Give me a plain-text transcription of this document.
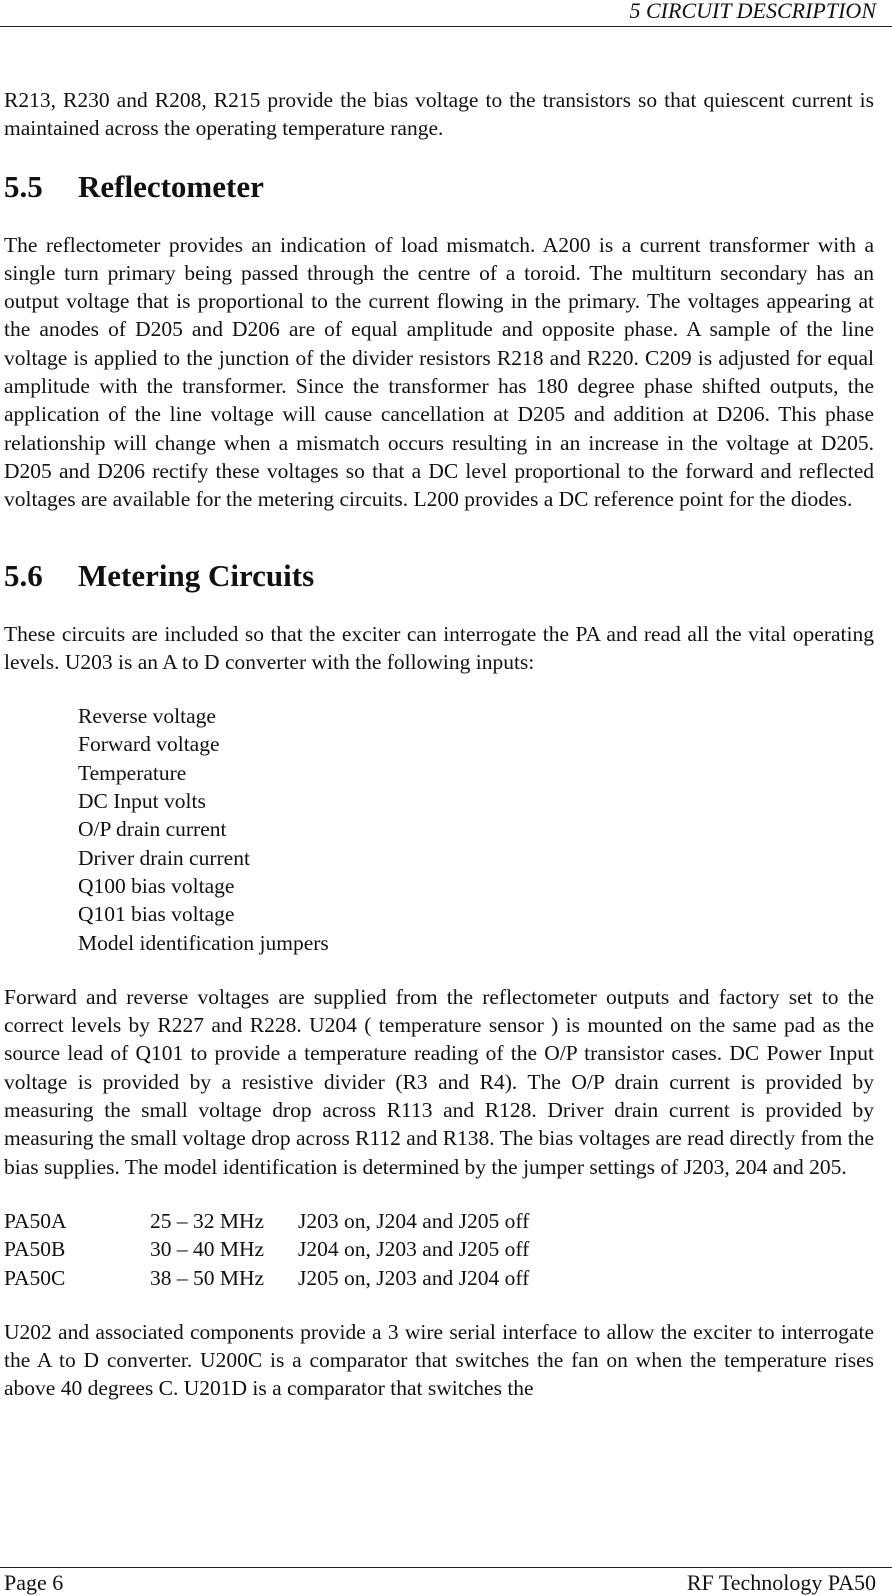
5 CIRCUIT DESCRIPTION

R213, R230 and R208, R215 provide the bias voltage to the transistors so that quiescent current is maintained across the operating temperature range.

5.5 Reflectometer

The reflectometer provides an indication of load mismatch. A200 is a current transformer with a single turn primary being passed through the centre of a toroid. The multiturn secondary has an output voltage that is proportional to the current flowing in the primary. The voltages appearing at the anodes of D205 and D206 are of equal amplitude and opposite phase. A sample of the line voltage is applied to the junction of the divider resistors R218 and R220. C209 is adjusted for equal amplitude with the transformer. Since the transformer has 180 degree phase shifted outputs, the application of the line voltage will cause cancellation at D205 and addition at D206. This phase relationship will change when a mismatch occurs resulting in an increase in the voltage at D205. D205 and D206 rectify these voltages so that a DC level proportional to the forward and reflected voltages are available for the metering circuits. L200 provides a DC reference point for the diodes.

5.6 Metering Circuits

These circuits are included so that the exciter can interrogate the PA and read all the vital operating levels. U203 is an A to D converter with the following inputs:

Reverse voltage
Forward voltage
Temperature
DC Input volts
O/P drain current
Driver drain current
Q100 bias voltage
Q101 bias voltage
Model identification jumpers

Forward and reverse voltages are supplied from the reflectometer outputs and factory set to the correct levels by R227 and R228. U204 ( temperature sensor ) is mounted on the same pad as the source lead of Q101 to provide a temperature reading of the O/P transistor cases. DC Power Input voltage is provided by a resistive divider (R3 and R4). The O/P drain current is provided by measuring the small voltage drop across R113 and R128. Driver drain current is provided by measuring the small voltage drop across R112 and R138. The bias voltages are read directly from the bias supplies. The model identification is determined by the jumper settings of J203, 204 and 205.

PA50A	25 – 32 MHz	J203 on, J204 and J205 off
PA50B	30 – 40 MHz	J204 on, J203 and J205 off
PA50C	38 – 50 MHz	J205 on, J203 and J204 off

U202 and associated components provide a 3 wire serial interface to allow the exciter to interrogate the A to D converter. U200C is a comparator that switches the fan on when the temperature rises above 40 degrees C. U201D is a comparator that switches the

Page 6	RF Technology PA50
